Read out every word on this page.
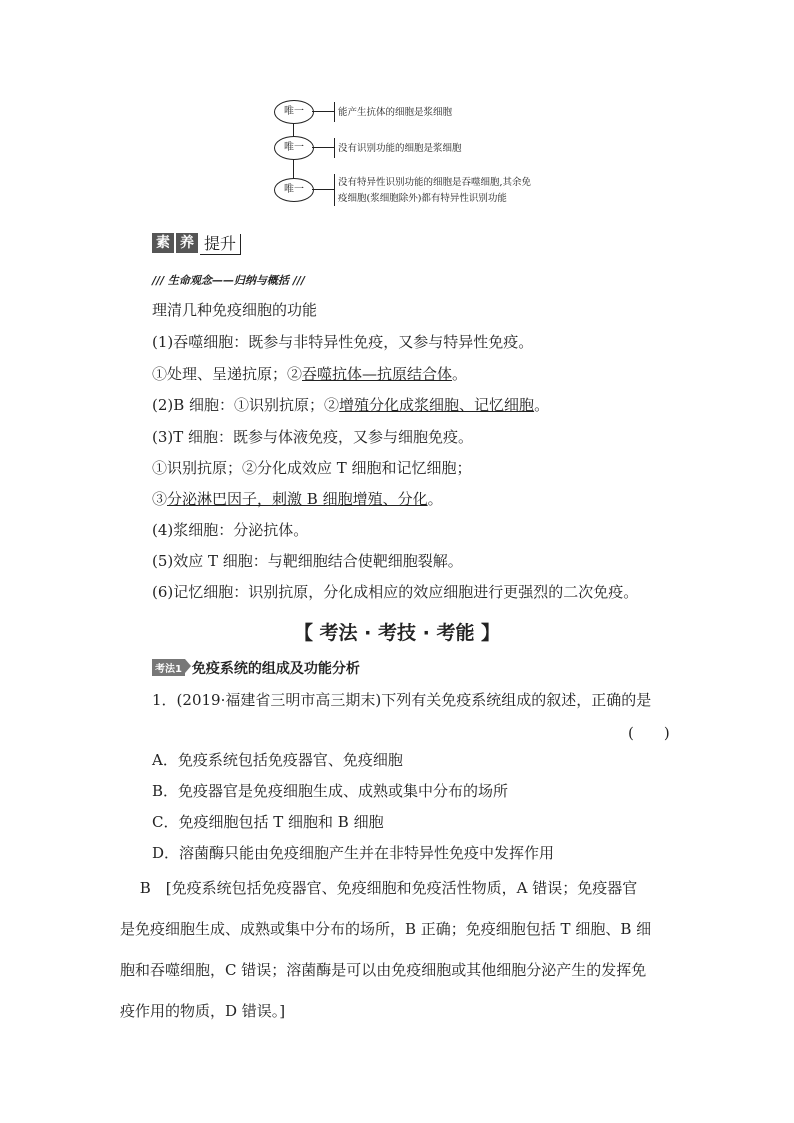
唯一	能产生抗体的细胞是浆细胞
唯一	没有识别功能的细胞是浆细胞
唯一
没有特异性识别功能的细胞是吞噬细胞,其余免
疫细胞(浆细胞除外)都有特异性识别功能
素 养 提升
/// 生命观念——归纳与概括 ///
理清几种免疫细胞的功能
(1)吞噬细胞：既参与非特异性免疫，又参与特异性免疫。
①处理、呈递抗原；②吞噬抗体—抗原结合体。
(2)B 细胞：①识别抗原；②增殖分化成浆细胞、记忆细胞。
(3)T 细胞：既参与体液免疫，又参与细胞免疫。
①识别抗原；②分化成效应 T 细胞和记忆细胞；
③分泌淋巴因子，刺激 B 细胞增殖、分化。
(4)浆细胞：分泌抗体。
(5)效应 T 细胞：与靶细胞结合使靶细胞裂解。
(6)记忆细胞：识别抗原，分化成相应的效应细胞进行更强烈的二次免疫。
【 考法 · 考技 · 考能 】
考法1 免疫系统的组成及功能分析
1．(2019·福建省三明市高三期末)下列有关免疫系统组成的叙述，正确的是
(　　)
A．免疫系统包括免疫器官、免疫细胞
B．免疫器官是免疫细胞生成、成熟或集中分布的场所
C．免疫细胞包括 T 细胞和 B 细胞
D．溶菌酶只能由免疫细胞产生并在非特异性免疫中发挥作用
　 B　[免疫系统包括免疫器官、免疫细胞和免疫活性物质，A 错误；免疫器官
是免疫细胞生成、成熟或集中分布的场所，B 正确；免疫细胞包括 T 细胞、B 细
胞和吞噬细胞，C 错误；溶菌酶是可以由免疫细胞或其他细胞分泌产生的发挥免
疫作用的物质，D 错误。]
